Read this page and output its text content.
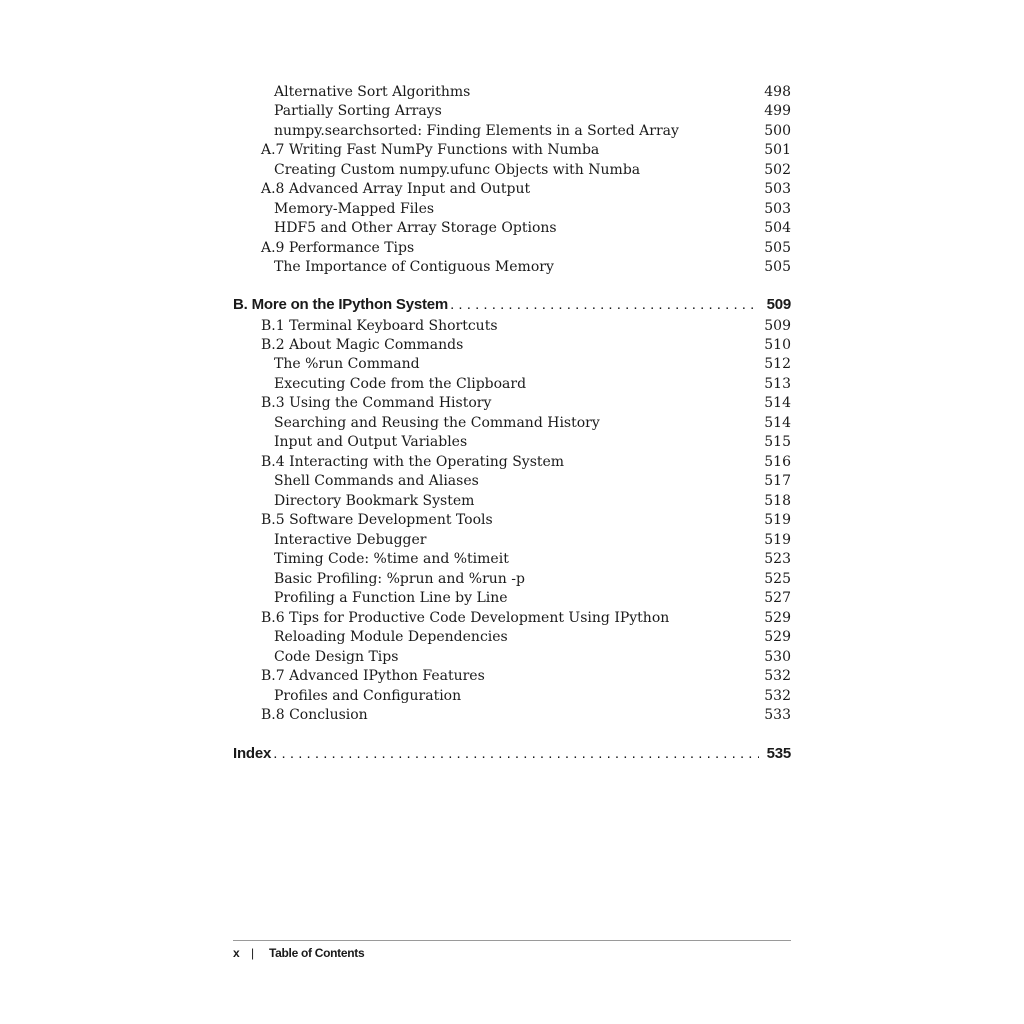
Alternative Sort Algorithms	498
Partially Sorting Arrays	499
numpy.searchsorted: Finding Elements in a Sorted Array	500
A.7 Writing Fast NumPy Functions with Numba	501
Creating Custom numpy.ufunc Objects with Numba	502
A.8 Advanced Array Input and Output	503
Memory-Mapped Files	503
HDF5 and Other Array Storage Options	504
A.9 Performance Tips	505
The Importance of Contiguous Memory	505
B. More on the IPython System . . .	509
B.1 Terminal Keyboard Shortcuts	509
B.2 About Magic Commands	510
The %run Command	512
Executing Code from the Clipboard	513
B.3 Using the Command History	514
Searching and Reusing the Command History	514
Input and Output Variables	515
B.4 Interacting with the Operating System	516
Shell Commands and Aliases	517
Directory Bookmark System	518
B.5 Software Development Tools	519
Interactive Debugger	519
Timing Code: %time and %timeit	523
Basic Profiling: %prun and %run -p	525
Profiling a Function Line by Line	527
B.6 Tips for Productive Code Development Using IPython	529
Reloading Module Dependencies	529
Code Design Tips	530
B.7 Advanced IPython Features	532
Profiles and Configuration	532
B.8 Conclusion	533
Index . . .	535
x | Table of Contents
